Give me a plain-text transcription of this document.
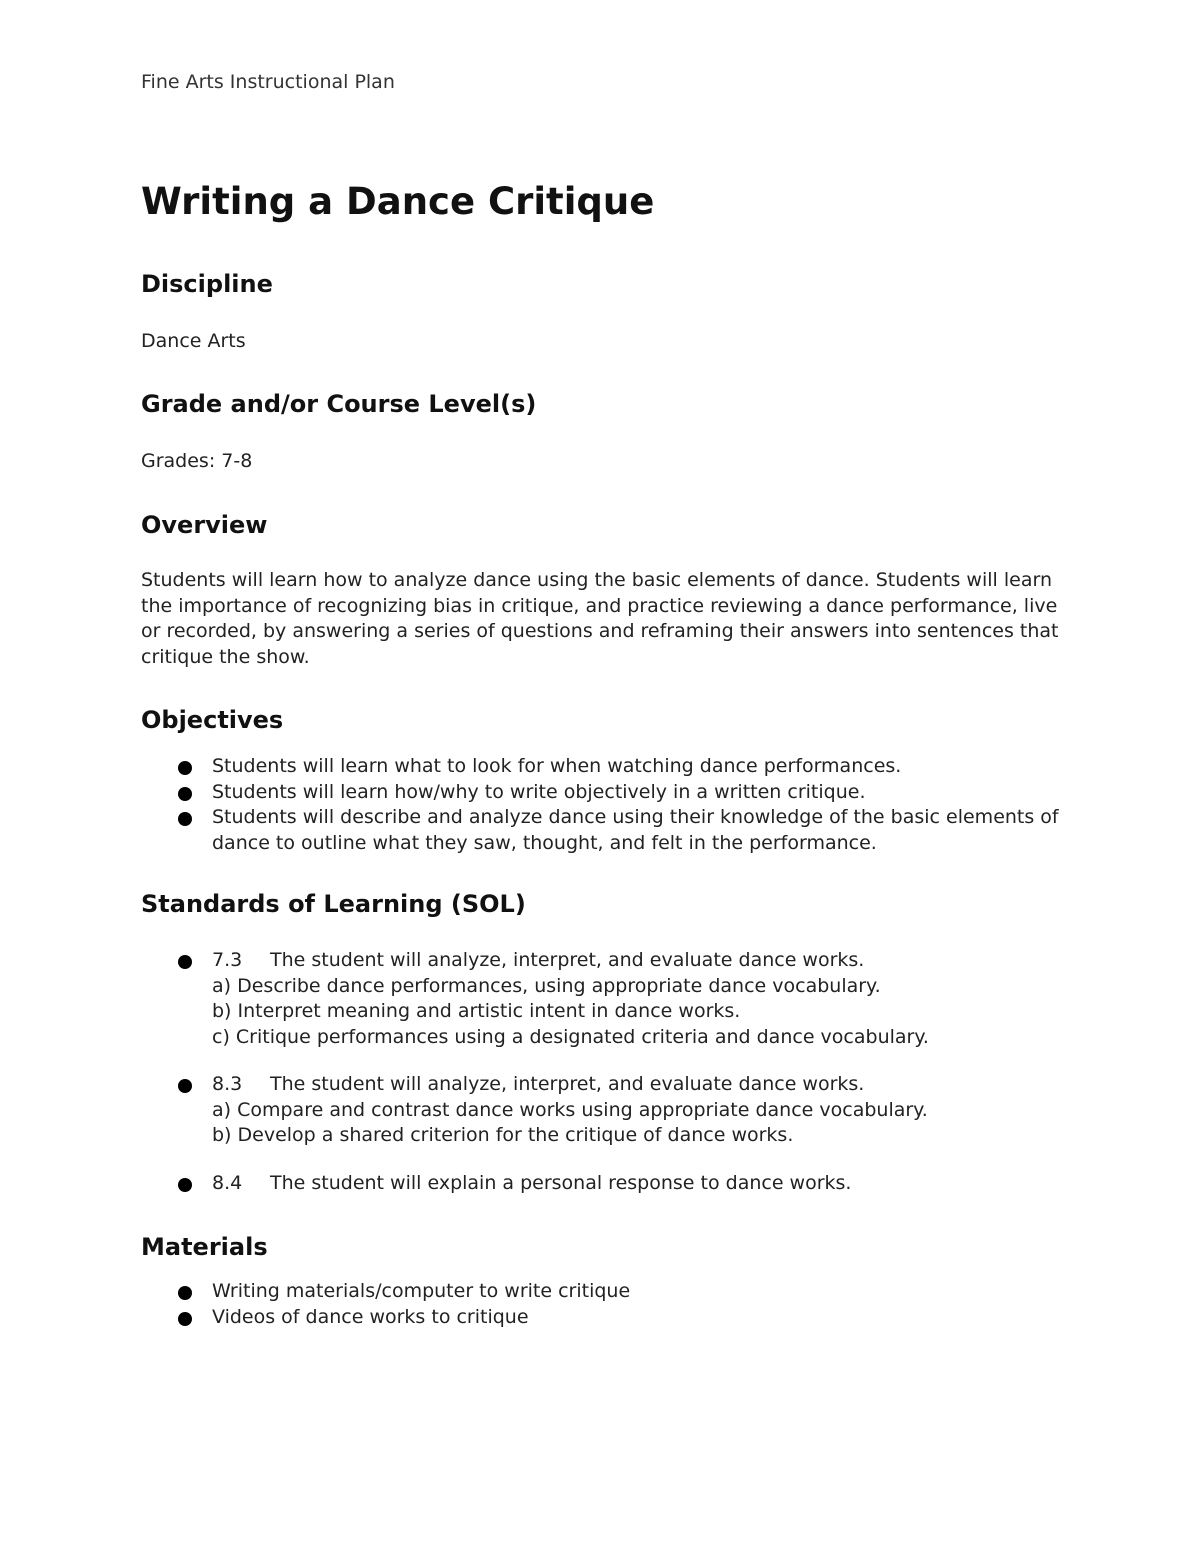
Fine Arts Instructional Plan
Writing a Dance Critique
Discipline

Dance Arts

Grade and/or Course Level(s)

Grades: 7-8

Overview

Students will learn how to analyze dance using the basic elements of dance. Students will learn the importance of recognizing bias in critique, and practice reviewing a dance performance, live or recorded, by answering a series of questions and reframing their answers into sentences that critique the show.

Objectives
Students will learn what to look for when watching dance performances.
Students will learn how/why to write objectively in a written critique.
Students will describe and analyze dance using their knowledge of the basic elements of dance to outline what they saw, thought, and felt in the performance.
Standards of Learning (SOL)
7.3 The student will analyze, interpret, and evaluate dance works.
a) Describe dance performances, using appropriate dance vocabulary.
b) Interpret meaning and artistic intent in dance works.
c) Critique performances using a designated criteria and dance vocabulary.
8.3 The student will analyze, interpret, and evaluate dance works.
a) Compare and contrast dance works using appropriate dance vocabulary.
b) Develop a shared criterion for the critique of dance works.
8.4 The student will explain a personal response to dance works.
Materials
Writing materials/computer to write critique
Videos of dance works to critique
